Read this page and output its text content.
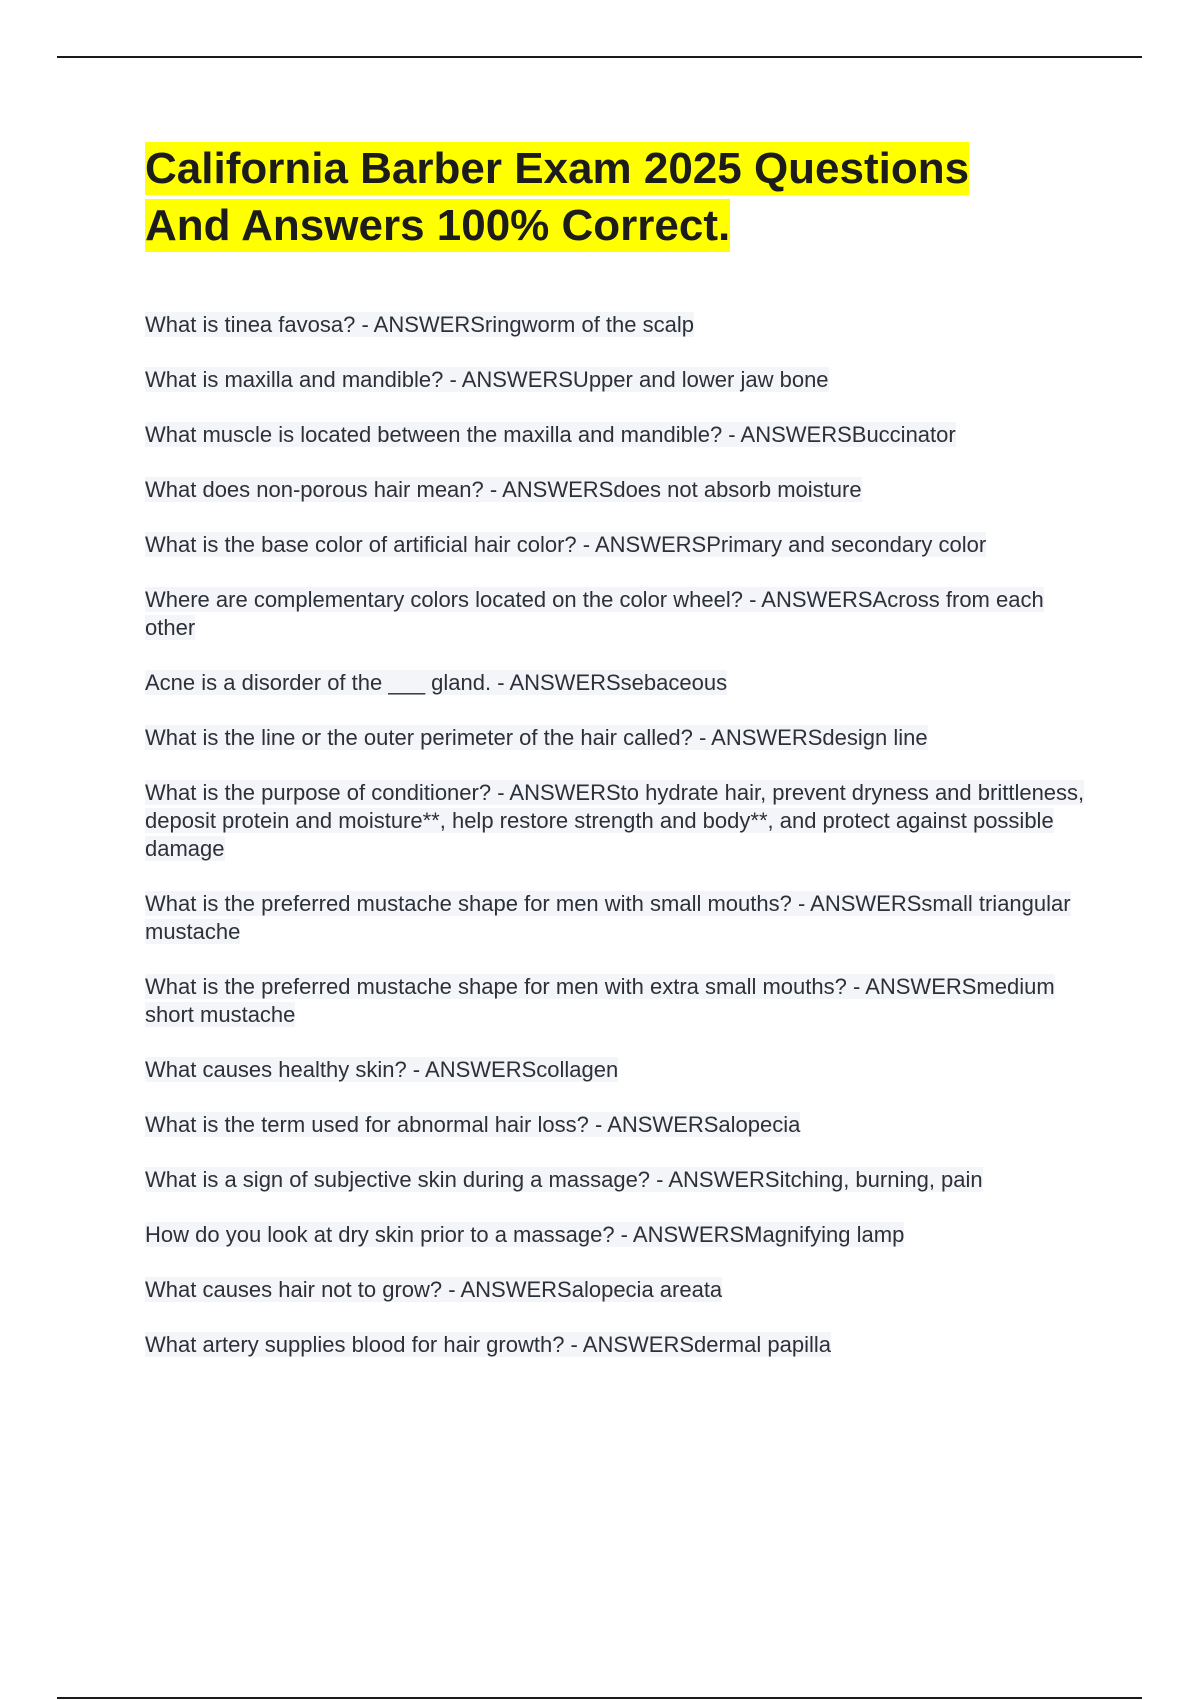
California Barber Exam 2025 Questions
And Answers 100% Correct.
What is tinea favosa? - ANSWERSringworm of the scalp
What is maxilla and mandible? - ANSWERSUpper and lower jaw bone
What muscle is located between the maxilla and mandible? - ANSWERSBuccinator
What does non-porous hair mean? - ANSWERSdoes not absorb moisture
What is the base color of artificial hair color? - ANSWERSPrimary and secondary color
Where are complementary colors located on the color wheel? - ANSWERSAcross from each other
Acne is a disorder of the ___ gland. - ANSWERSsebaceous
What is the line or the outer perimeter of the hair called? - ANSWERSdesign line
What is the purpose of conditioner? - ANSWERSto hydrate hair, prevent dryness and brittleness, deposit protein and moisture**, help restore strength and body**, and protect against possible damage
What is the preferred mustache shape for men with small mouths? - ANSWERSsmall triangular mustache
What is the preferred mustache shape for men with extra small mouths? - ANSWERSmedium short mustache
What causes healthy skin? - ANSWERScollagen
What is the term used for abnormal hair loss? - ANSWERSalopecia
What is a sign of subjective skin during a massage? - ANSWERSitching, burning, pain
How do you look at dry skin prior to a massage? - ANSWERSMagnifying lamp
What causes hair not to grow? - ANSWERSalopecia areata
What artery supplies blood for hair growth? - ANSWERSdermal papilla
